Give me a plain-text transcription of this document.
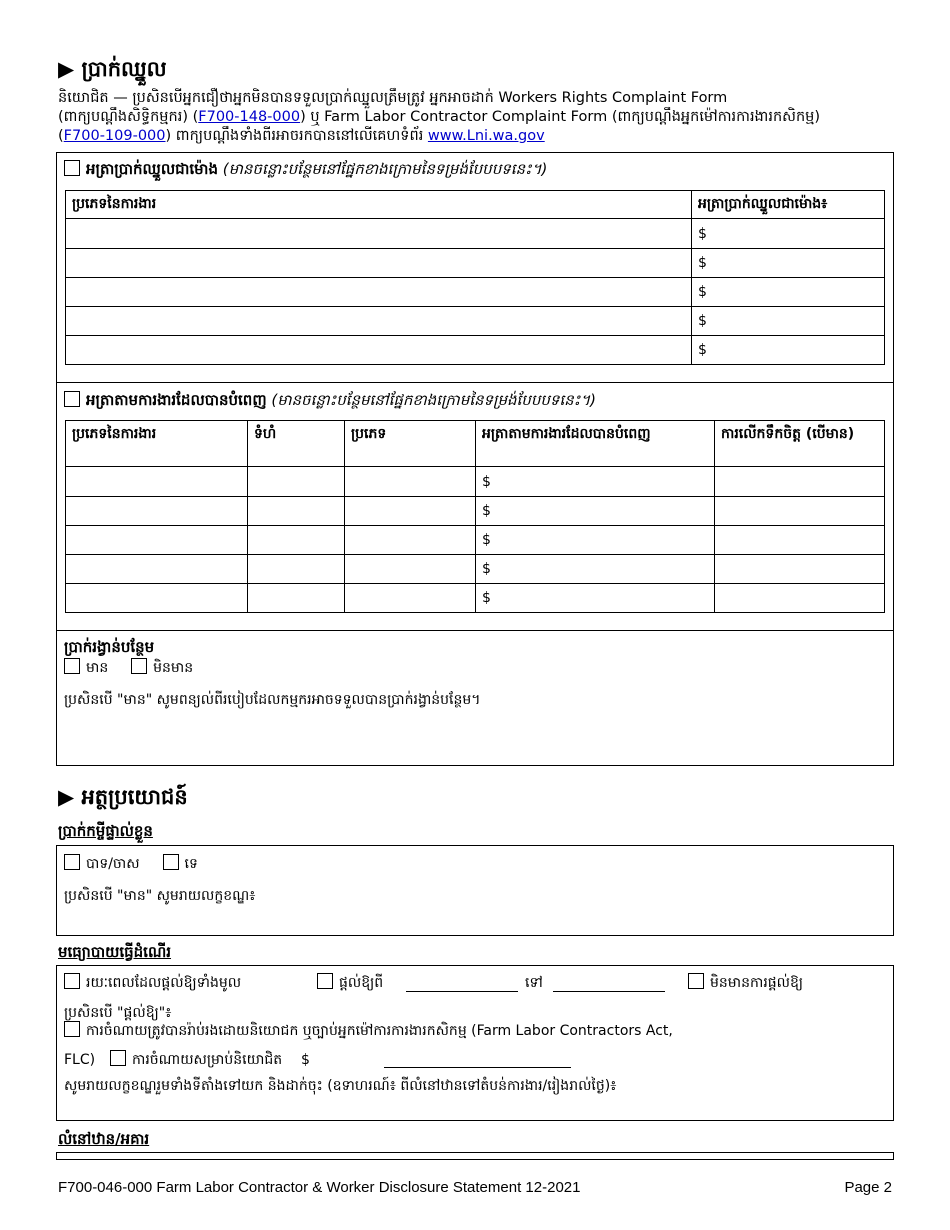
▶ ប្រាក់ឈ្នួល
និយោជិត — ប្រសិនបើអ្នកជឿថាអ្នកមិនបានទទួលប្រាក់ឈ្នួលត្រឹមត្រូវ អ្នកអាចដាក់ Workers Rights Complaint Form
(ពាក្យបណ្ដឹងសិទ្ធិកម្មករ) (F700-148-000) ឬ Farm Labor Contractor Complaint Form (ពាក្យបណ្ដឹងអ្នកម៉ៅការការងារកសិកម្ម)
(F700-109-000) ពាក្យបណ្ដឹងទាំងពីរអាចរកបាននៅលើគេហទំព័រ www.Lni.wa.gov
អត្រាប្រាក់ឈ្នួលជាម៉ោង (មានចន្លោះបន្ថែមនៅផ្នែកខាងក្រោមនៃទម្រង់បែបបទនេះ។)
ប្រភេទនៃការងារ	អត្រាប្រាក់ឈ្នួលជាម៉ោង៖
	$
	$
	$
	$
	$
អត្រាតាមការងារដែលបានបំពេញ (មានចន្លោះបន្ថែមនៅផ្នែកខាងក្រោមនៃទម្រង់បែបបទនេះ។)
ប្រភេទនៃការងារ	ទំហំ	ប្រភេទ	អត្រាតាមការងារដែលបានបំពេញ	ការលើកទឹកចិត្ត (បើមាន)
			$	
			$	
			$	
			$	
			$	
ប្រាក់រង្វាន់បន្ថែម
មាន	មិនមាន
ប្រសិនបើ "មាន" សូមពន្យល់ពីរបៀបដែលកម្មករអាចទទួលបានប្រាក់រង្វាន់បន្ថែម។
▶ អត្ថប្រយោជន៍
ប្រាក់កម្ចីផ្ទាល់ខ្លួន
បាទ/ចាស	ទេ
ប្រសិនបើ "មាន" សូមរាយលក្ខខណ្ឌ៖
មធ្យោបាយធ្វើដំណើរ
រយៈពេលដែលផ្ដល់ឱ្យទាំងមូល	ផ្ដល់ឱ្យពី	ទៅ	មិនមានការផ្ដល់ឱ្យ
ប្រសិនបើ "ផ្ដល់ឱ្យ"៖
ការចំណាយត្រូវបានរ៉ាប់រងដោយនិយោជក ឬច្បាប់អ្នកម៉ៅការការងារកសិកម្ម (Farm Labor Contractors Act,
FLC)	ការចំណាយសម្រាប់និយោជិត $
សូមរាយលក្ខខណ្ឌរួមទាំងទីតាំងទៅយក និងដាក់ចុះ (ឧទាហរណ៍៖ ពីលំនៅឋានទៅតំបន់ការងារ/រៀងរាល់ថ្ងៃ)៖
លំនៅឋាន/អគារ
F700-046-000 Farm Labor Contractor & Worker Disclosure Statement 12-2021	Page 2
